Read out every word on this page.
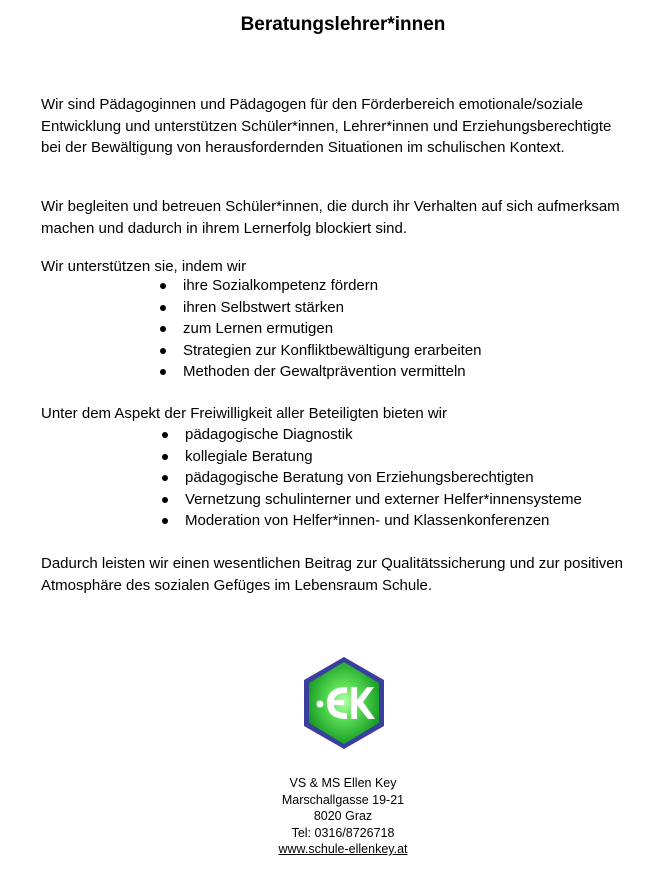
Beratungslehrer*innen

Wir sind Pädagoginnen und Pädagogen für den Förderbereich emotionale/soziale Entwicklung und unterstützen Schüler*innen, Lehrer*innen und Erziehungsberechtigte bei der Bewältigung von herausfordernden Situationen im schulischen Kontext.

Wir begleiten und betreuen Schüler*innen, die durch ihr Verhalten auf sich aufmerksam machen und dadurch in ihrem Lernerfolg blockiert sind.

Wir unterstützen sie, indem wir

ihre Sozialkompetenz fördern
ihren Selbstwert stärken
zum Lernen ermutigen
Strategien zur Konfliktbewältigung erarbeiten
Methoden der Gewaltprävention vermitteln

Unter dem Aspekt der Freiwilligkeit aller Beteiligten bieten wir

pädagogische Diagnostik
kollegiale Beratung
pädagogische Beratung von Erziehungsberechtigten
Vernetzung schulinterner und externer Helfer*innensysteme
Moderation von Helfer*innen- und Klassenkonferenzen

Dadurch leisten wir einen wesentlichen Beitrag zur Qualitätssicherung und zur positiven Atmosphäre des sozialen Gefüges im Lebensraum Schule.

VS & MS Ellen Key
Marschallgasse 19-21
8020 Graz
Tel: 0316/8726718
www.schule-ellenkey.at
